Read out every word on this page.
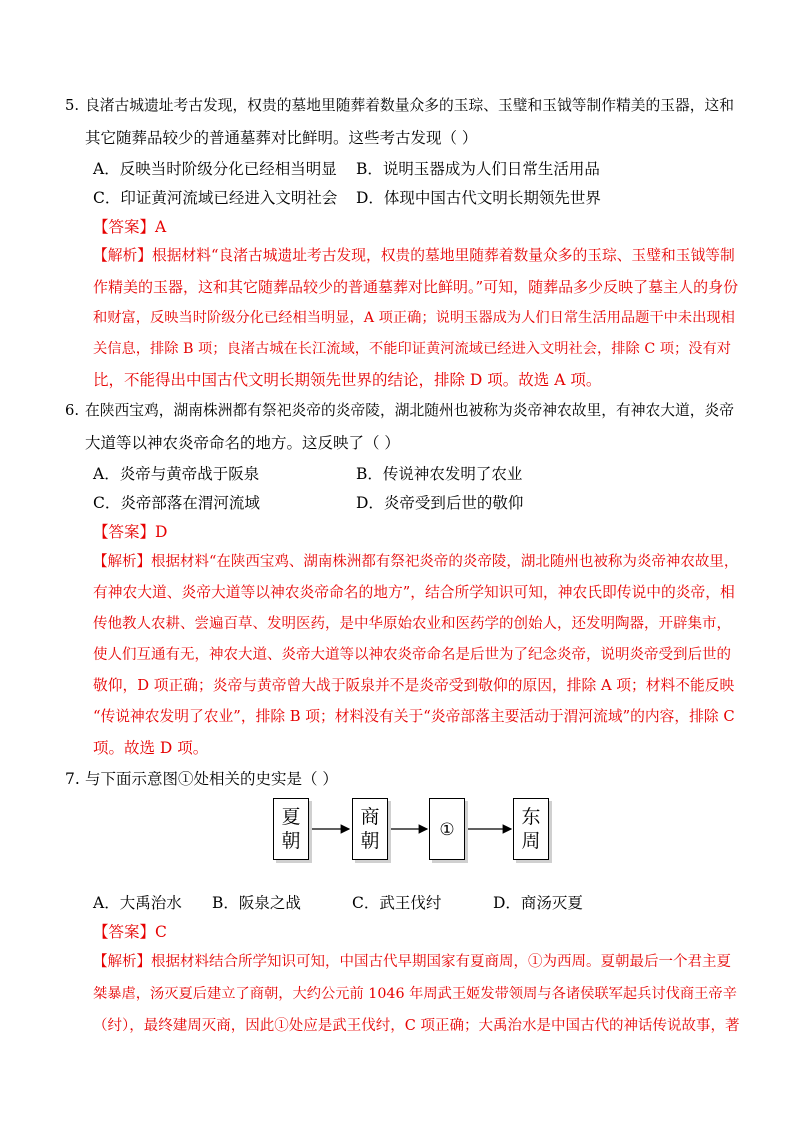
5. 良渚古城遗址考古发现，权贵的墓地里随葬着数量众多的玉琮、玉璧和玉钺等制作精美的玉器，这和
其它随葬品较少的普通墓葬对比鲜明。这些考古发现（ ）
A．反映当时阶级分化已经相当明显 B．说明玉器成为人们日常生活用品
C．印证黄河流域已经进入文明社会 D．体现中国古代文明长期领先世界
【答案】A
【解析】根据材料“良渚古城遗址考古发现，权贵的墓地里随葬着数量众多的玉琮、玉璧和玉钺等制
作精美的玉器，这和其它随葬品较少的普通墓葬对比鲜明。”可知，随葬品多少反映了墓主人的身份
和财富，反映当时阶级分化已经相当明显，A 项正确；说明玉器成为人们日常生活用品题干中未出现相
关信息，排除 B 项；良渚古城在长江流域，不能印证黄河流域已经进入文明社会，排除 C 项；没有对
比，不能得出中国古代文明长期领先世界的结论，排除 D 项。故选 A 项。
6. 在陕西宝鸡，湖南株洲都有祭祀炎帝的炎帝陵，湖北随州也被称为炎帝神农故里，有神农大道，炎帝
大道等以神农炎帝命名的地方。这反映了（ ）
A．炎帝与黄帝战于阪泉	B．传说神农发明了农业
C．炎帝部落在渭河流域	D．炎帝受到后世的敬仰
【答案】D
【解析】根据材料“在陕西宝鸡、湖南株洲都有祭祀炎帝的炎帝陵，湖北随州也被称为炎帝神农故里，
有神农大道、炎帝大道等以神农炎帝命名的地方”，结合所学知识可知，神农氏即传说中的炎帝，相
传他教人农耕、尝遍百草、发明医药，是中华原始农业和医药学的创始人，还发明陶器，开辟集市，
使人们互通有无，神农大道、炎帝大道等以神农炎帝命名是后世为了纪念炎帝，说明炎帝受到后世的
敬仰，D 项正确；炎帝与黄帝曾大战于阪泉并不是炎帝受到敬仰的原因，排除 A 项；材料不能反映
“传说神农发明了农业”，排除 B 项；材料没有关于“炎帝部落主要活动于渭河流域”的内容，排除 C
项。故选 D 项。
7. 与下面示意图①处相关的史实是（ ）
夏
朝
商
朝	①
东
周
A．大禹治水 B．阪泉之战	C．武王伐纣	D．商汤灭夏
【答案】C
【解析】根据材料结合所学知识可知，中国古代早期国家有夏商周，①为西周。夏朝最后一个君主夏
桀暴虐，汤灭夏后建立了商朝，大约公元前 1046 年周武王姬发带领周与各诸侯联军起兵讨伐商王帝辛
（纣），最终建周灭商，因此①处应是武王伐纣，C 项正确；大禹治水是中国古代的神话传说故事，著
